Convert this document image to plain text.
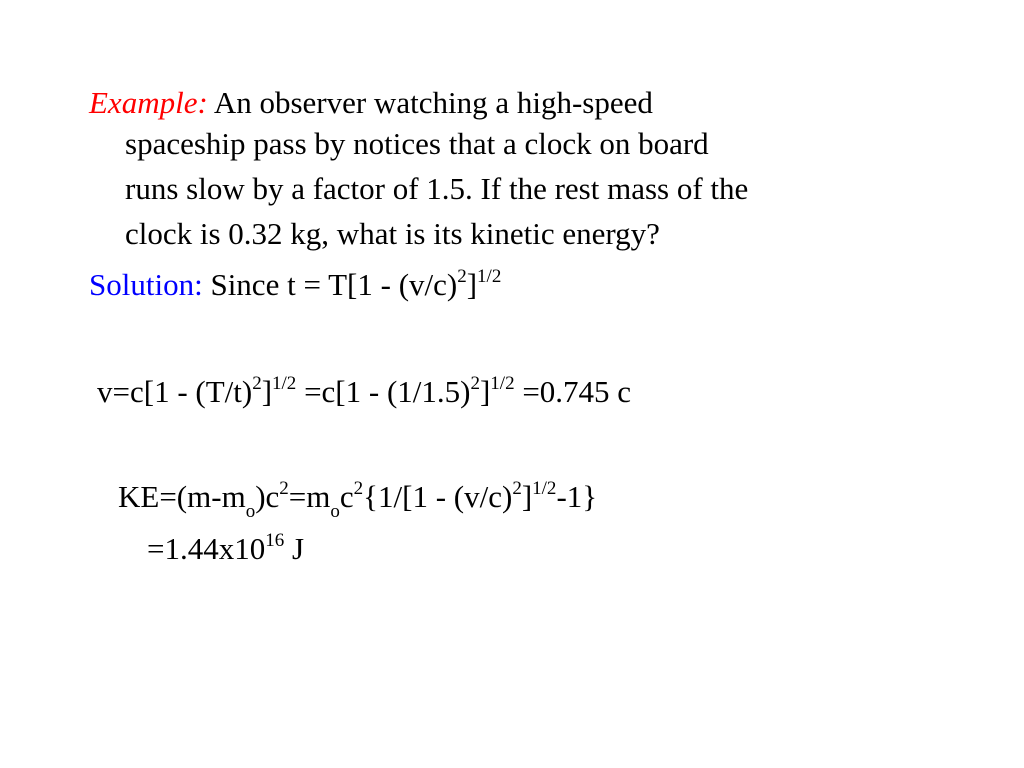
Example: An observer watching a high-speed
spaceship pass by notices that a clock on board
runs slow by a factor of 1.5. If the rest mass of the
clock is 0.32 kg, what is its kinetic energy?
Solution: Since $t = T[1 - (v/c)^2]^{1/2}$
$v=c[1 - (T/t)^2]^{1/2} =c[1 - (1/1.5)^2]^{1/2} =0.745$ c
$KE=(m-m_o)c^2=m_oc^2\{1/[1 - (v/c)^2]^{1/2}-1\}$
$=1.44x10^{16}$ J
